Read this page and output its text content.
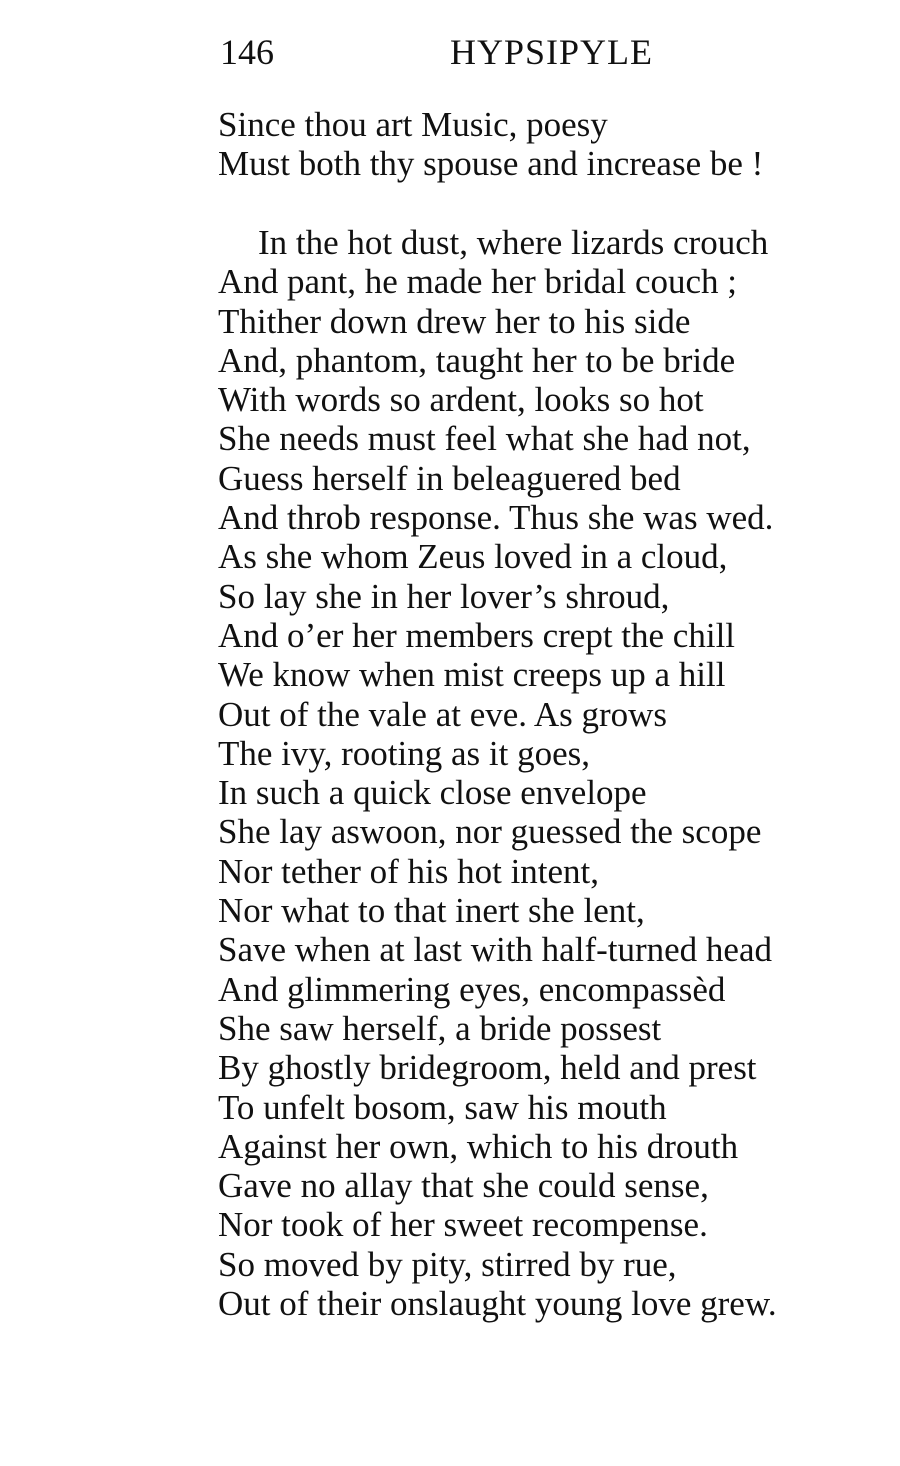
146	HYPSIPYLE
Since thou art Music, poesy
Must both thy spouse and increase be !
In the hot dust, where lizards crouch
And pant, he made her bridal couch ;
Thither down drew her to his side
And, phantom, taught her to be bride
With words so ardent, looks so hot
She needs must feel what she had not,
Guess herself in beleaguered bed
And throb response. Thus she was wed.
As she whom Zeus loved in a cloud,
So lay she in her lover’s shroud,
And o’er her members crept the chill
We know when mist creeps up a hill
Out of the vale at eve. As grows
The ivy, rooting as it goes,
In such a quick close envelope
She lay aswoon, nor guessed the scope
Nor tether of his hot intent,
Nor what to that inert she lent,
Save when at last with half-turned head
And glimmering eyes, encompassèd
She saw herself, a bride possest
By ghostly bridegroom, held and prest
To unfelt bosom, saw his mouth
Against her own, which to his drouth
Gave no allay that she could sense,
Nor took of her sweet recompense.
So moved by pity, stirred by rue,
Out of their onslaught young love grew.
